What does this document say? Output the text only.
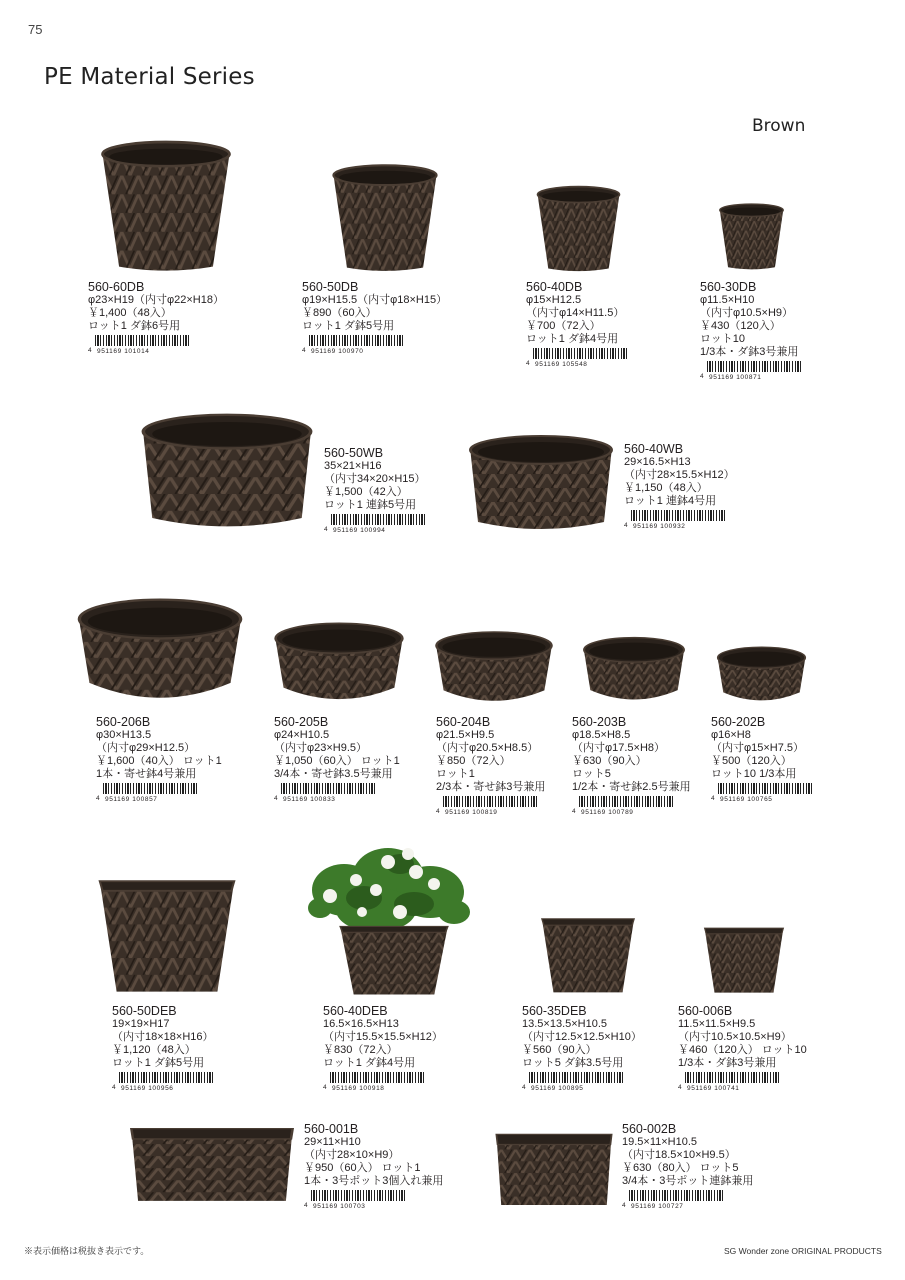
75
PE Material Series
Brown
560-60DB
φ23×H19（内寸φ22×H18）
￥1,400（48入）
ロット1 ダ鉢6号用
4 951169 101014
560-50DB
φ19×H15.5（内寸φ18×H15）
￥890（60入）
ロット1 ダ鉢5号用
4 951169 100970
560-40DB
φ15×H12.5
（内寸φ14×H11.5）
￥700（72入）
ロット1 ダ鉢4号用
4 951169 105548
560-30DB
φ11.5×H10
（内寸φ10.5×H9）
￥430（120入）
ロット10
1/3本・ダ鉢3号兼用
4 951169 100871
560-50WB
35×21×H16
（内寸34×20×H15）
￥1,500（42入）
ロット1 連鉢5号用
4 951169 100994
560-40WB
29×16.5×H13
（内寸28×15.5×H12）
￥1,150（48入）
ロット1 連鉢4号用
4 951169 100932
560-206B
φ30×H13.5
（内寸φ29×H12.5）
￥1,600（40入） ロット1
1本・寄せ鉢4号兼用
4 951169 100857
560-205B
φ24×H10.5
（内寸φ23×H9.5）
￥1,050（60入） ロット1
3/4本・寄せ鉢3.5号兼用
4 951169 100833
560-204B
φ21.5×H9.5
（内寸φ20.5×H8.5）
￥850（72入）
ロット1
2/3本・寄せ鉢3号兼用
4 951169 100819
560-203B
φ18.5×H8.5
（内寸φ17.5×H8）
￥630（90入）
ロット5
1/2本・寄せ鉢2.5号兼用
4 951169 100789
560-202B
φ16×H8
（内寸φ15×H7.5）
￥500（120入）
ロット10 1/3本用
4 951169 100765
560-50DEB
19×19×H17
（内寸18×18×H16）
￥1,120（48入）
ロット1 ダ鉢5号用
4 951169 100956
560-40DEB
16.5×16.5×H13
（内寸15.5×15.5×H12）
￥830（72入）
ロット1 ダ鉢4号用
4 951169 100918
560-35DEB
13.5×13.5×H10.5
（内寸12.5×12.5×H10）
￥560（90入）
ロット5 ダ鉢3.5号用
4 951169 100895
560-006B
11.5×11.5×H9.5
（内寸10.5×10.5×H9）
￥460（120入） ロット10
1/3本・ダ鉢3号兼用
4 951169 100741
560-001B
29×11×H10
（内寸28×10×H9）
￥950（60入） ロット1
1本・3号ポット3個入れ兼用
4 951169 100703
560-002B
19.5×11×H10.5
（内寸18.5×10×H9.5）
￥630（80入） ロット5
3/4本・3号ポット連鉢兼用
4 951169 100727
※表示価格は税抜き表示です。	SG Wonder zone ORIGINAL PRODUCTS
